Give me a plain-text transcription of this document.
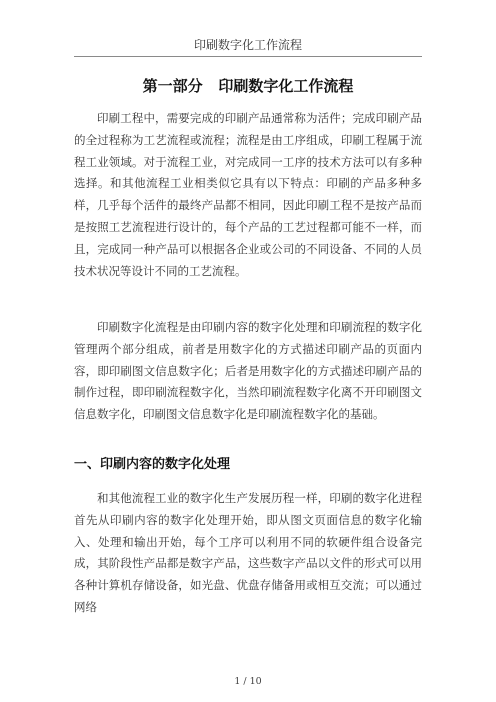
印刷数字化工作流程
第一部分   印刷数字化工作流程

印刷工程中，需要完成的印刷产品通常称为活件；完成印刷产品的全过程称为工艺流程或流程；流程是由工序组成，印刷工程属于流程工业领域。对于流程工业，对完成同一工序的技术方法可以有多种选择。和其他流程工业相类似它具有以下特点：印刷的产品多种多样，几乎每个活件的最终产品都不相同，因此印刷工程不是按产品而是按照工艺流程进行设计的，每个产品的工艺过程都可能不一样，而且，完成同一种产品可以根据各企业或公司的不同设备、不同的人员技术状况等设计不同的工艺流程。

印刷数字化流程是由印刷内容的数字化处理和印刷流程的数字化管理两个部分组成，前者是用数字化的方式描述印刷产品的页面内容，即印刷图文信息数字化；后者是用数字化的方式描述印刷产品的制作过程，即印刷流程数字化，当然印刷流程数字化离不开印刷图文信息数字化，印刷图文信息数字化是印刷流程数字化的基础。

一、印刷内容的数字化处理

和其他流程工业的数字化生产发展历程一样，印刷的数字化进程首先从印刷内容的数字化处理开始，即从图文页面信息的数字化输入、处理和输出开始，每个工序可以利用不同的软硬件组合设备完成，其阶段性产品都是数字产品，这些数字产品以文件的形式可以用各种计算机存储设备，如光盘、优盘存储备用或相互交流；可以通过网络

1 / 10
